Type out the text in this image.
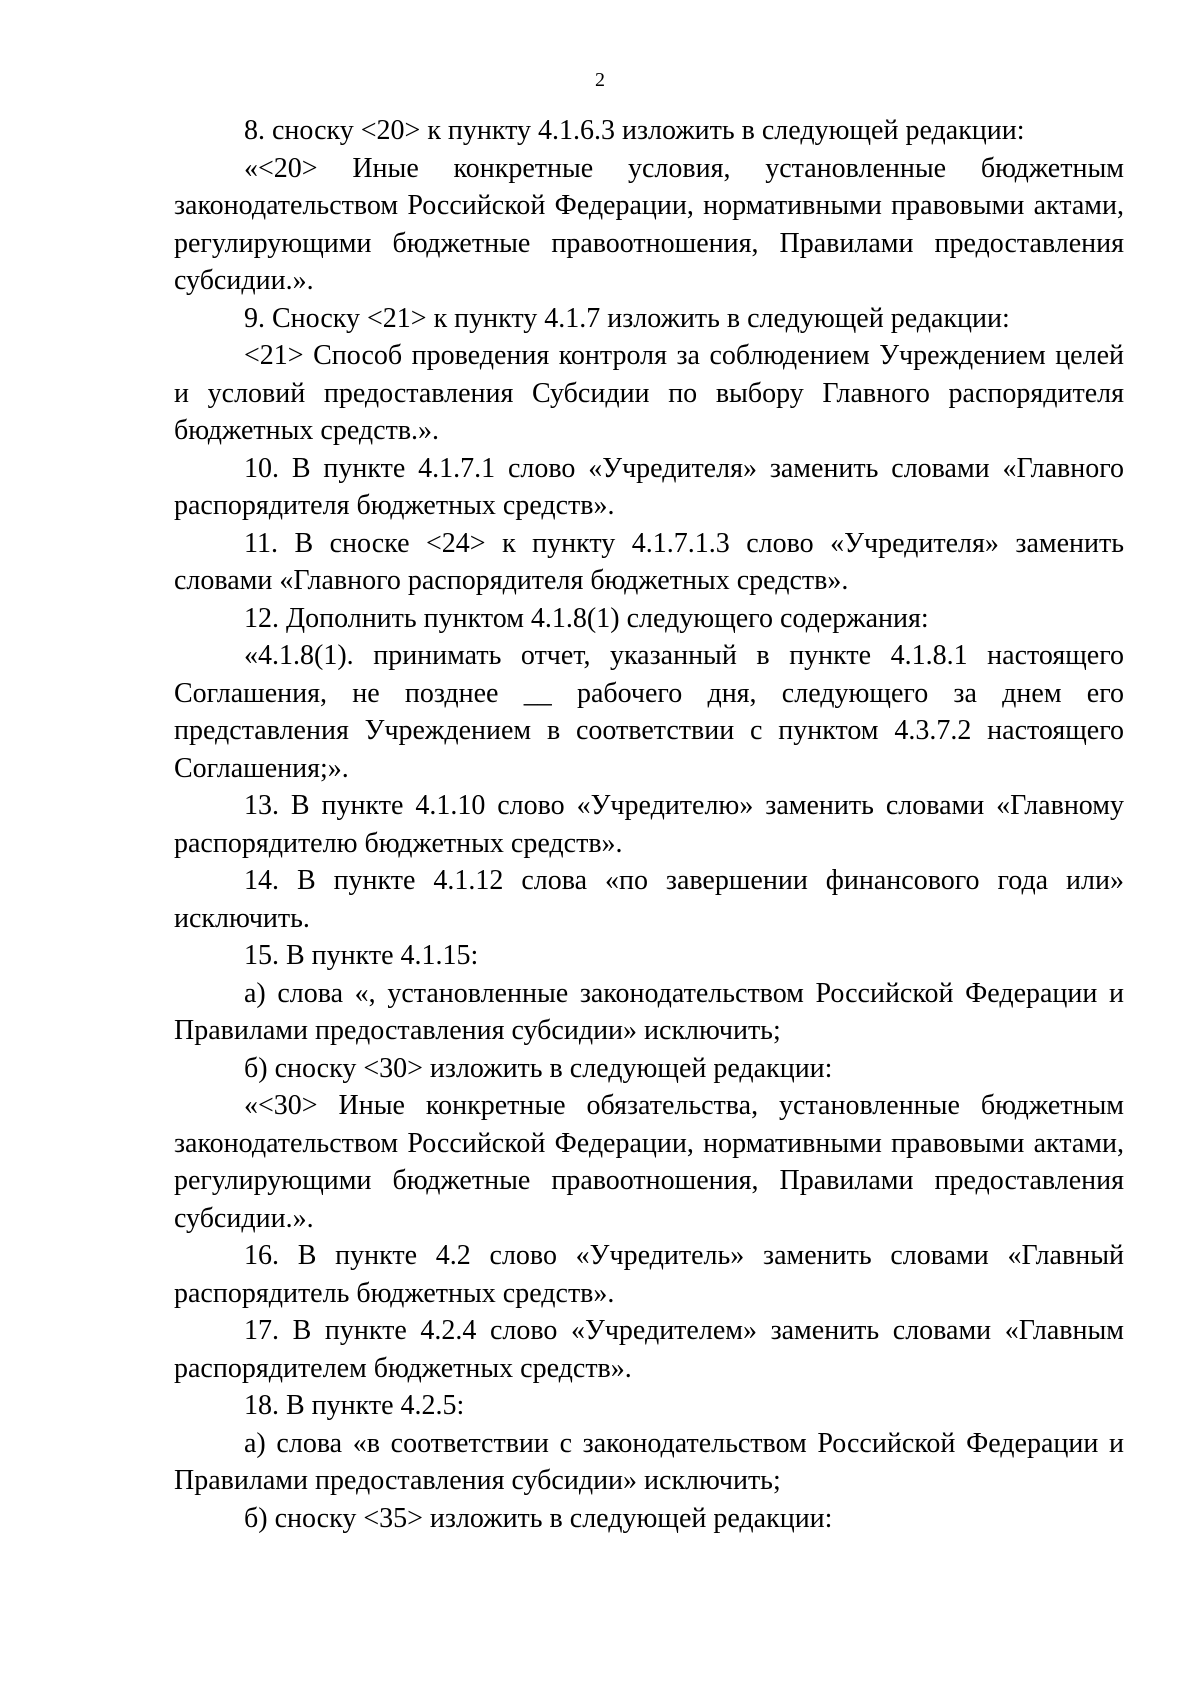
2

8. сноску <20> к пункту 4.1.6.3 изложить в следующей редакции:

«<20> Иные конкретные условия, установленные бюджетным законодательством Российской Федерации, нормативными правовыми актами, регулирующими бюджетные правоотношения, Правилами предоставления субсидии.».

9. Сноску <21> к пункту 4.1.7 изложить в следующей редакции:

<21> Способ проведения контроля за соблюдением Учреждением целей и условий предоставления Субсидии по выбору Главного распорядителя бюджетных средств.».

10. В пункте 4.1.7.1 слово «Учредителя» заменить словами «Главного распорядителя бюджетных средств».

11. В сноске <24> к пункту 4.1.7.1.3 слово «Учредителя» заменить словами «Главного распорядителя бюджетных средств».

12. Дополнить пунктом 4.1.8(1) следующего содержания:

«4.1.8(1). принимать отчет, указанный в пункте 4.1.8.1 настоящего Соглашения, не позднее __ рабочего дня, следующего за днем его представления Учреждением в соответствии с пунктом 4.3.7.2 настоящего Соглашения;».

13. В пункте 4.1.10 слово «Учредителю» заменить словами «Главному распорядителю бюджетных средств».

14. В пункте 4.1.12 слова «по завершении финансового года или» исключить.

15. В пункте 4.1.15:

а) слова «, установленные законодательством Российской Федерации и Правилами предоставления субсидии» исключить;

б) сноску <30> изложить в следующей редакции:

«<30> Иные конкретные обязательства, установленные бюджетным законодательством Российской Федерации, нормативными правовыми актами, регулирующими бюджетные правоотношения, Правилами предоставления субсидии.».

16. В пункте 4.2 слово «Учредитель» заменить словами «Главный распорядитель бюджетных средств».

17. В пункте 4.2.4 слово «Учредителем» заменить словами «Главным распорядителем бюджетных средств».

18. В пункте 4.2.5:

а) слова «в соответствии с законодательством Российской Федерации и Правилами предоставления субсидии» исключить;

б) сноску <35> изложить в следующей редакции:
